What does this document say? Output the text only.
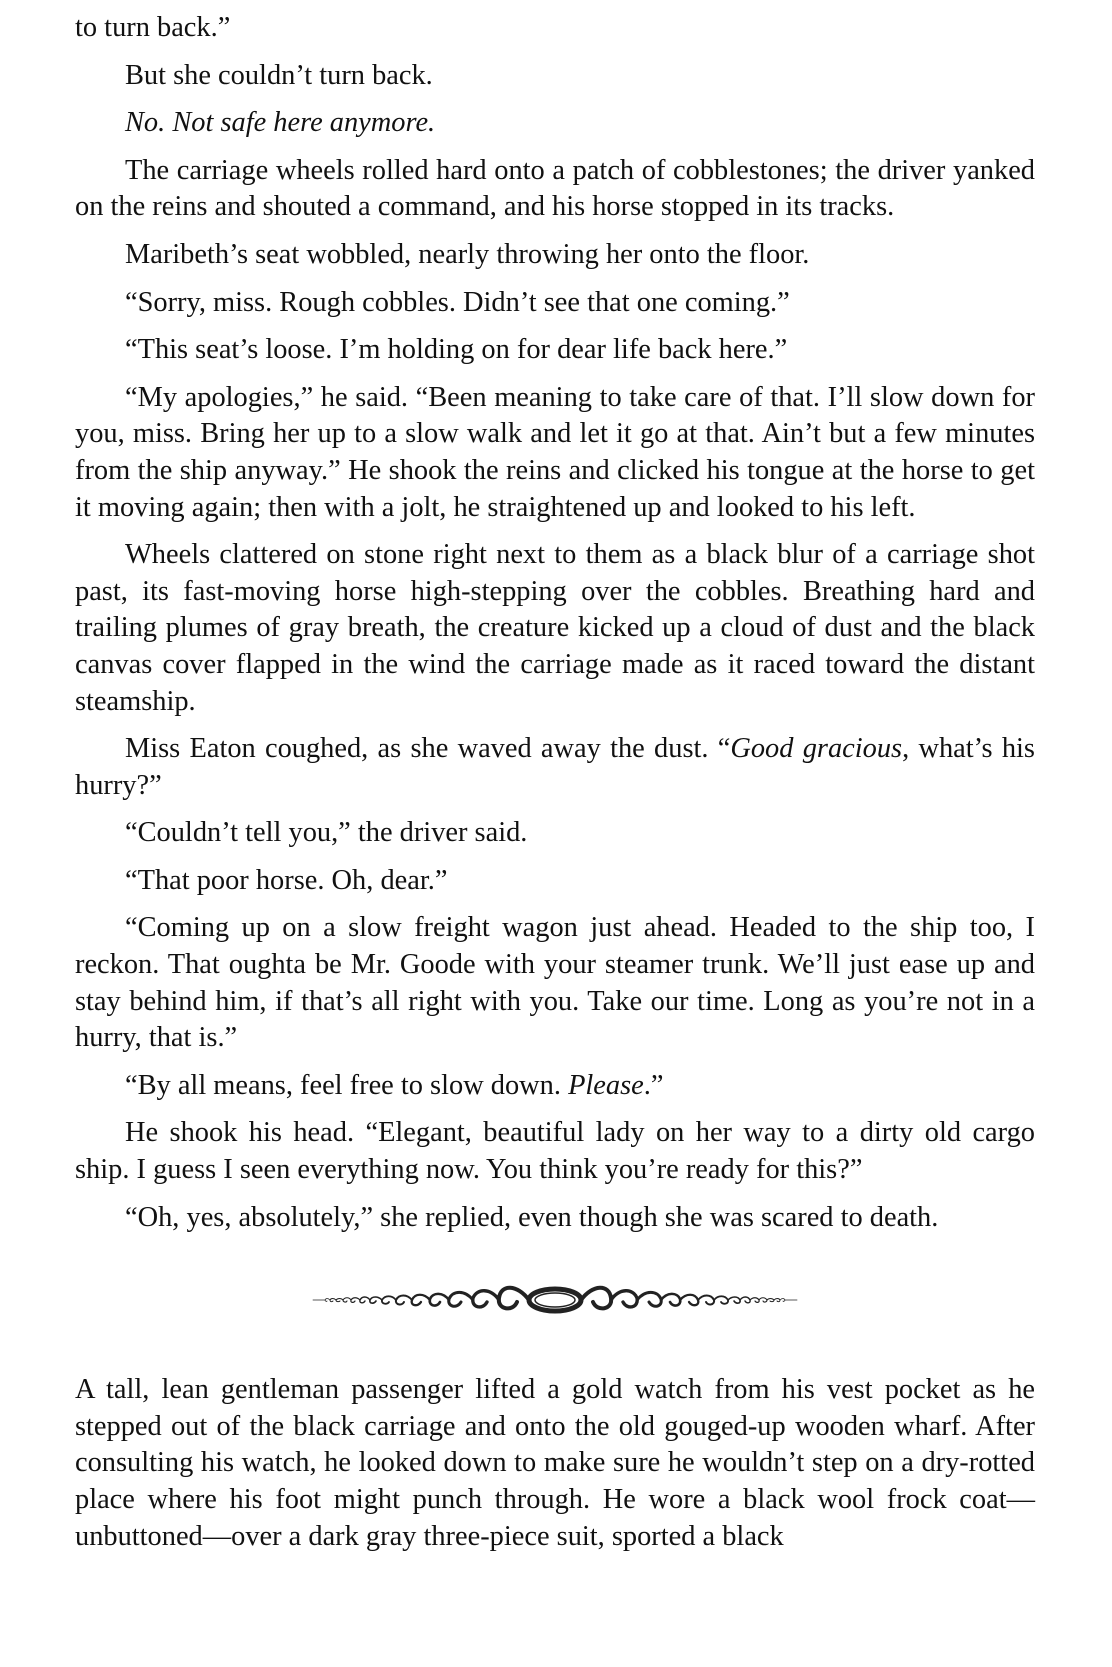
to turn back.”

But she couldn’t turn back.

No. Not safe here anymore.

The carriage wheels rolled hard onto a patch of cobblestones; the driver yanked on the reins and shouted a command, and his horse stopped in its tracks.

Maribeth’s seat wobbled, nearly throwing her onto the floor.

“Sorry, miss. Rough cobbles. Didn’t see that one coming.”

“This seat’s loose. I’m holding on for dear life back here.”

“My apologies,” he said. “Been meaning to take care of that. I’ll slow down for you, miss. Bring her up to a slow walk and let it go at that. Ain’t but a few minutes from the ship anyway.” He shook the reins and clicked his tongue at the horse to get it moving again; then with a jolt, he straightened up and looked to his left.

Wheels clattered on stone right next to them as a black blur of a carriage shot past, its fast-moving horse high-stepping over the cobbles. Breathing hard and trailing plumes of gray breath, the creature kicked up a cloud of dust and the black canvas cover flapped in the wind the carriage made as it raced toward the distant steamship.

Miss Eaton coughed, as she waved away the dust. “Good gracious, what’s his hurry?”

“Couldn’t tell you,” the driver said.

“That poor horse. Oh, dear.”

“Coming up on a slow freight wagon just ahead. Headed to the ship too, I reckon. That oughta be Mr. Goode with your steamer trunk. We’ll just ease up and stay behind him, if that’s all right with you. Take our time. Long as you’re not in a hurry, that is.”

“By all means, feel free to slow down. Please.”

He shook his head. “Elegant, beautiful lady on her way to a dirty old cargo ship. I guess I seen everything now. You think you’re ready for this?”

“Oh, yes, absolutely,” she replied, even though she was scared to death.

A tall, lean gentleman passenger lifted a gold watch from his vest pocket as he stepped out of the black carriage and onto the old gouged-up wooden wharf. After consulting his watch, he looked down to make sure he wouldn’t step on a dry-rotted place where his foot might punch through. He wore a black wool frock coat—unbuttoned—over a dark gray three-piece suit, sported a black
